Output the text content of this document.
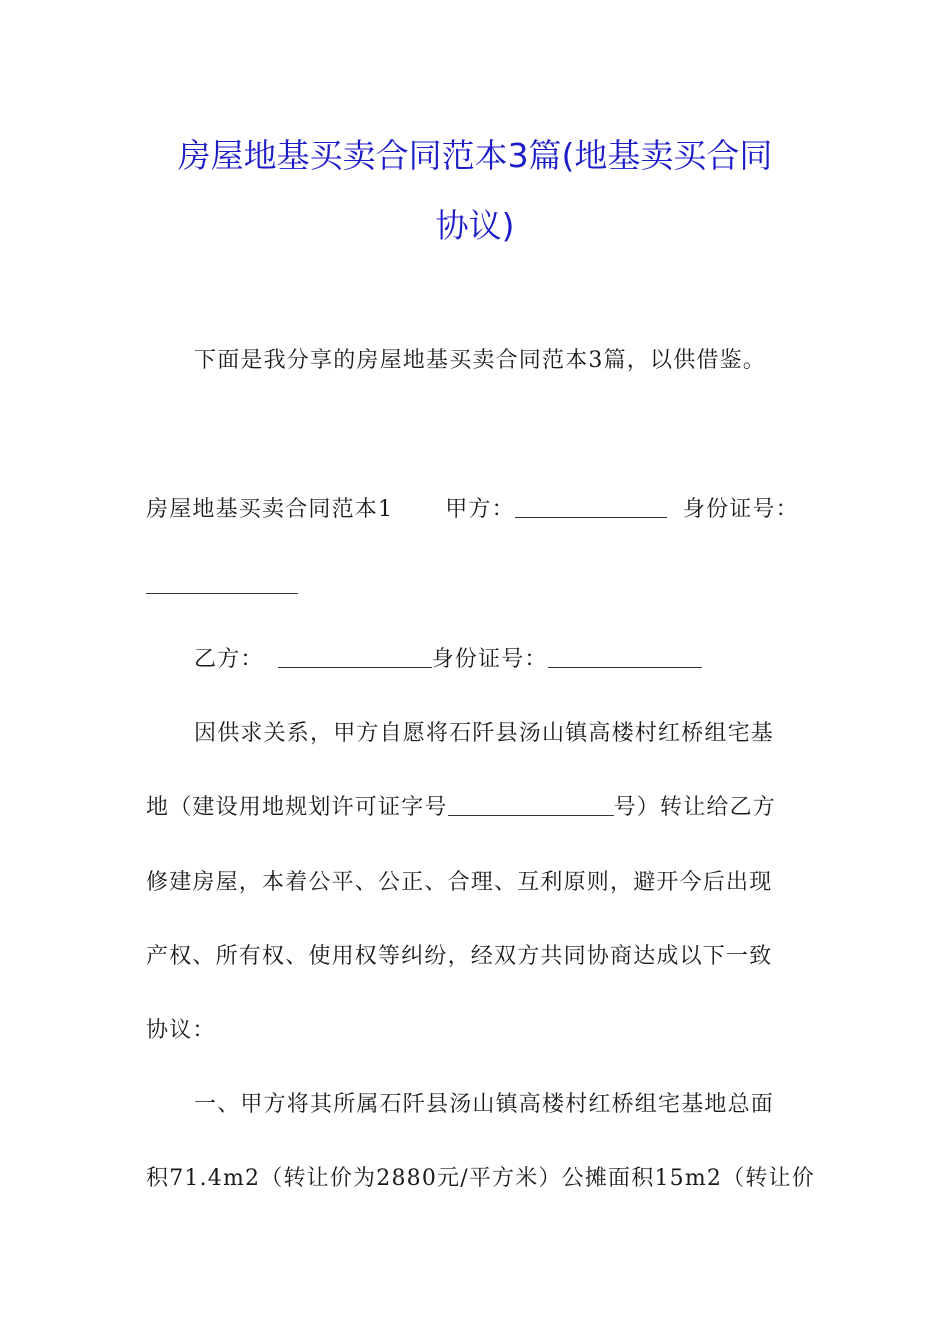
房屋地基买卖合同范本3篇(地基卖买合同
协议)
下面是我分享的房屋地基买卖合同范本3篇，以供借鉴。
房屋地基买卖合同范本1 甲方：	身份证号：
乙方：	身份证号：
因供求关系，甲方自愿将石阡县汤山镇高楼村红桥组宅基
地（建设用地规划许可证字号	号）转让给乙方
修建房屋，本着公平、公正、合理、互利原则，避开今后出现
产权、所有权、使用权等纠纷，经双方共同协商达成以下一致
协议：
一、甲方将其所属石阡县汤山镇高楼村红桥组宅基地总面
积71.4m2（转让价为2880元/平方米）公摊面积15m2（转让价
